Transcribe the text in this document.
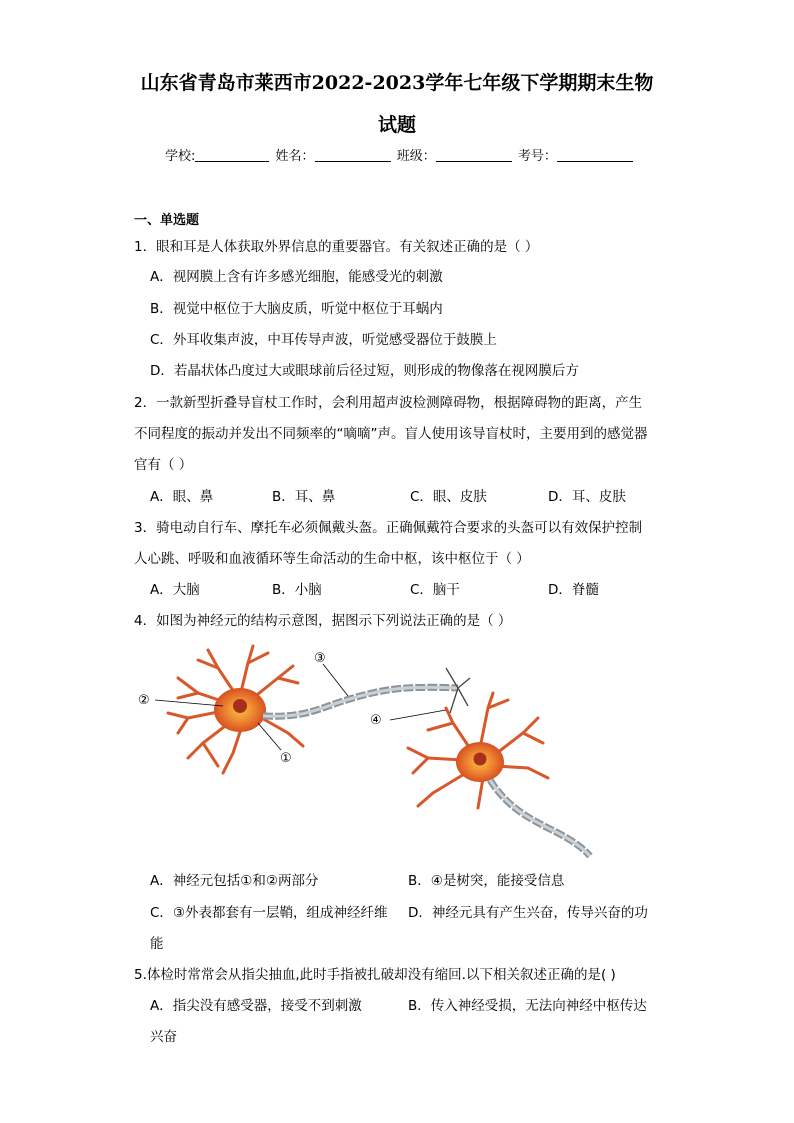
山东省青岛市莱西市2022-2023学年七年级下学期期末生物
试题
学校:	姓名：	班级：	考号：
一、单选题
1．眼和耳是人体获取外界信息的重要器官。有关叙述正确的是（ ）
A．视网膜上含有许多感光细胞，能感受光的刺激
B．视觉中枢位于大脑皮质，听觉中枢位于耳蜗内
C．外耳收集声波，中耳传导声波，听觉感受器位于鼓膜上
D．若晶状体凸度过大或眼球前后径过短，则形成的物像落在视网膜后方
2．一款新型折叠导盲杖工作时，会利用超声波检测障碍物，根据障碍物的距离，产生
不同程度的振动并发出不同频率的“嘀嘀”声。盲人使用该导盲杖时，主要用到的感觉器
官有（ ）
A．眼、鼻	B．耳、鼻	C．眼、皮肤	D．耳、皮肤
3．骑电动自行车、摩托车必须佩戴头盔。正确佩戴符合要求的头盔可以有效保护控制
人心跳、呼吸和血液循环等生命活动的生命中枢，该中枢位于（ ）
A．大脑	B．小脑	C．脑干	D．脊髓
4．如图为神经元的结构示意图，据图示下列说法正确的是（ ）
①
②
③
④
A．神经元包括①和②两部分	B．④是树突，能接受信息
C．③外表都套有一层鞘，组成神经纤维 D．神经元具有产生兴奋，传导兴奋的功
能
5.体检时常常会从指尖抽血,此时手指被扎破却没有缩回.以下相关叙述正确的是( )
A．指尖没有感受器，接受不到刺激	B．传入神经受损，无法向神经中枢传达
兴奋
